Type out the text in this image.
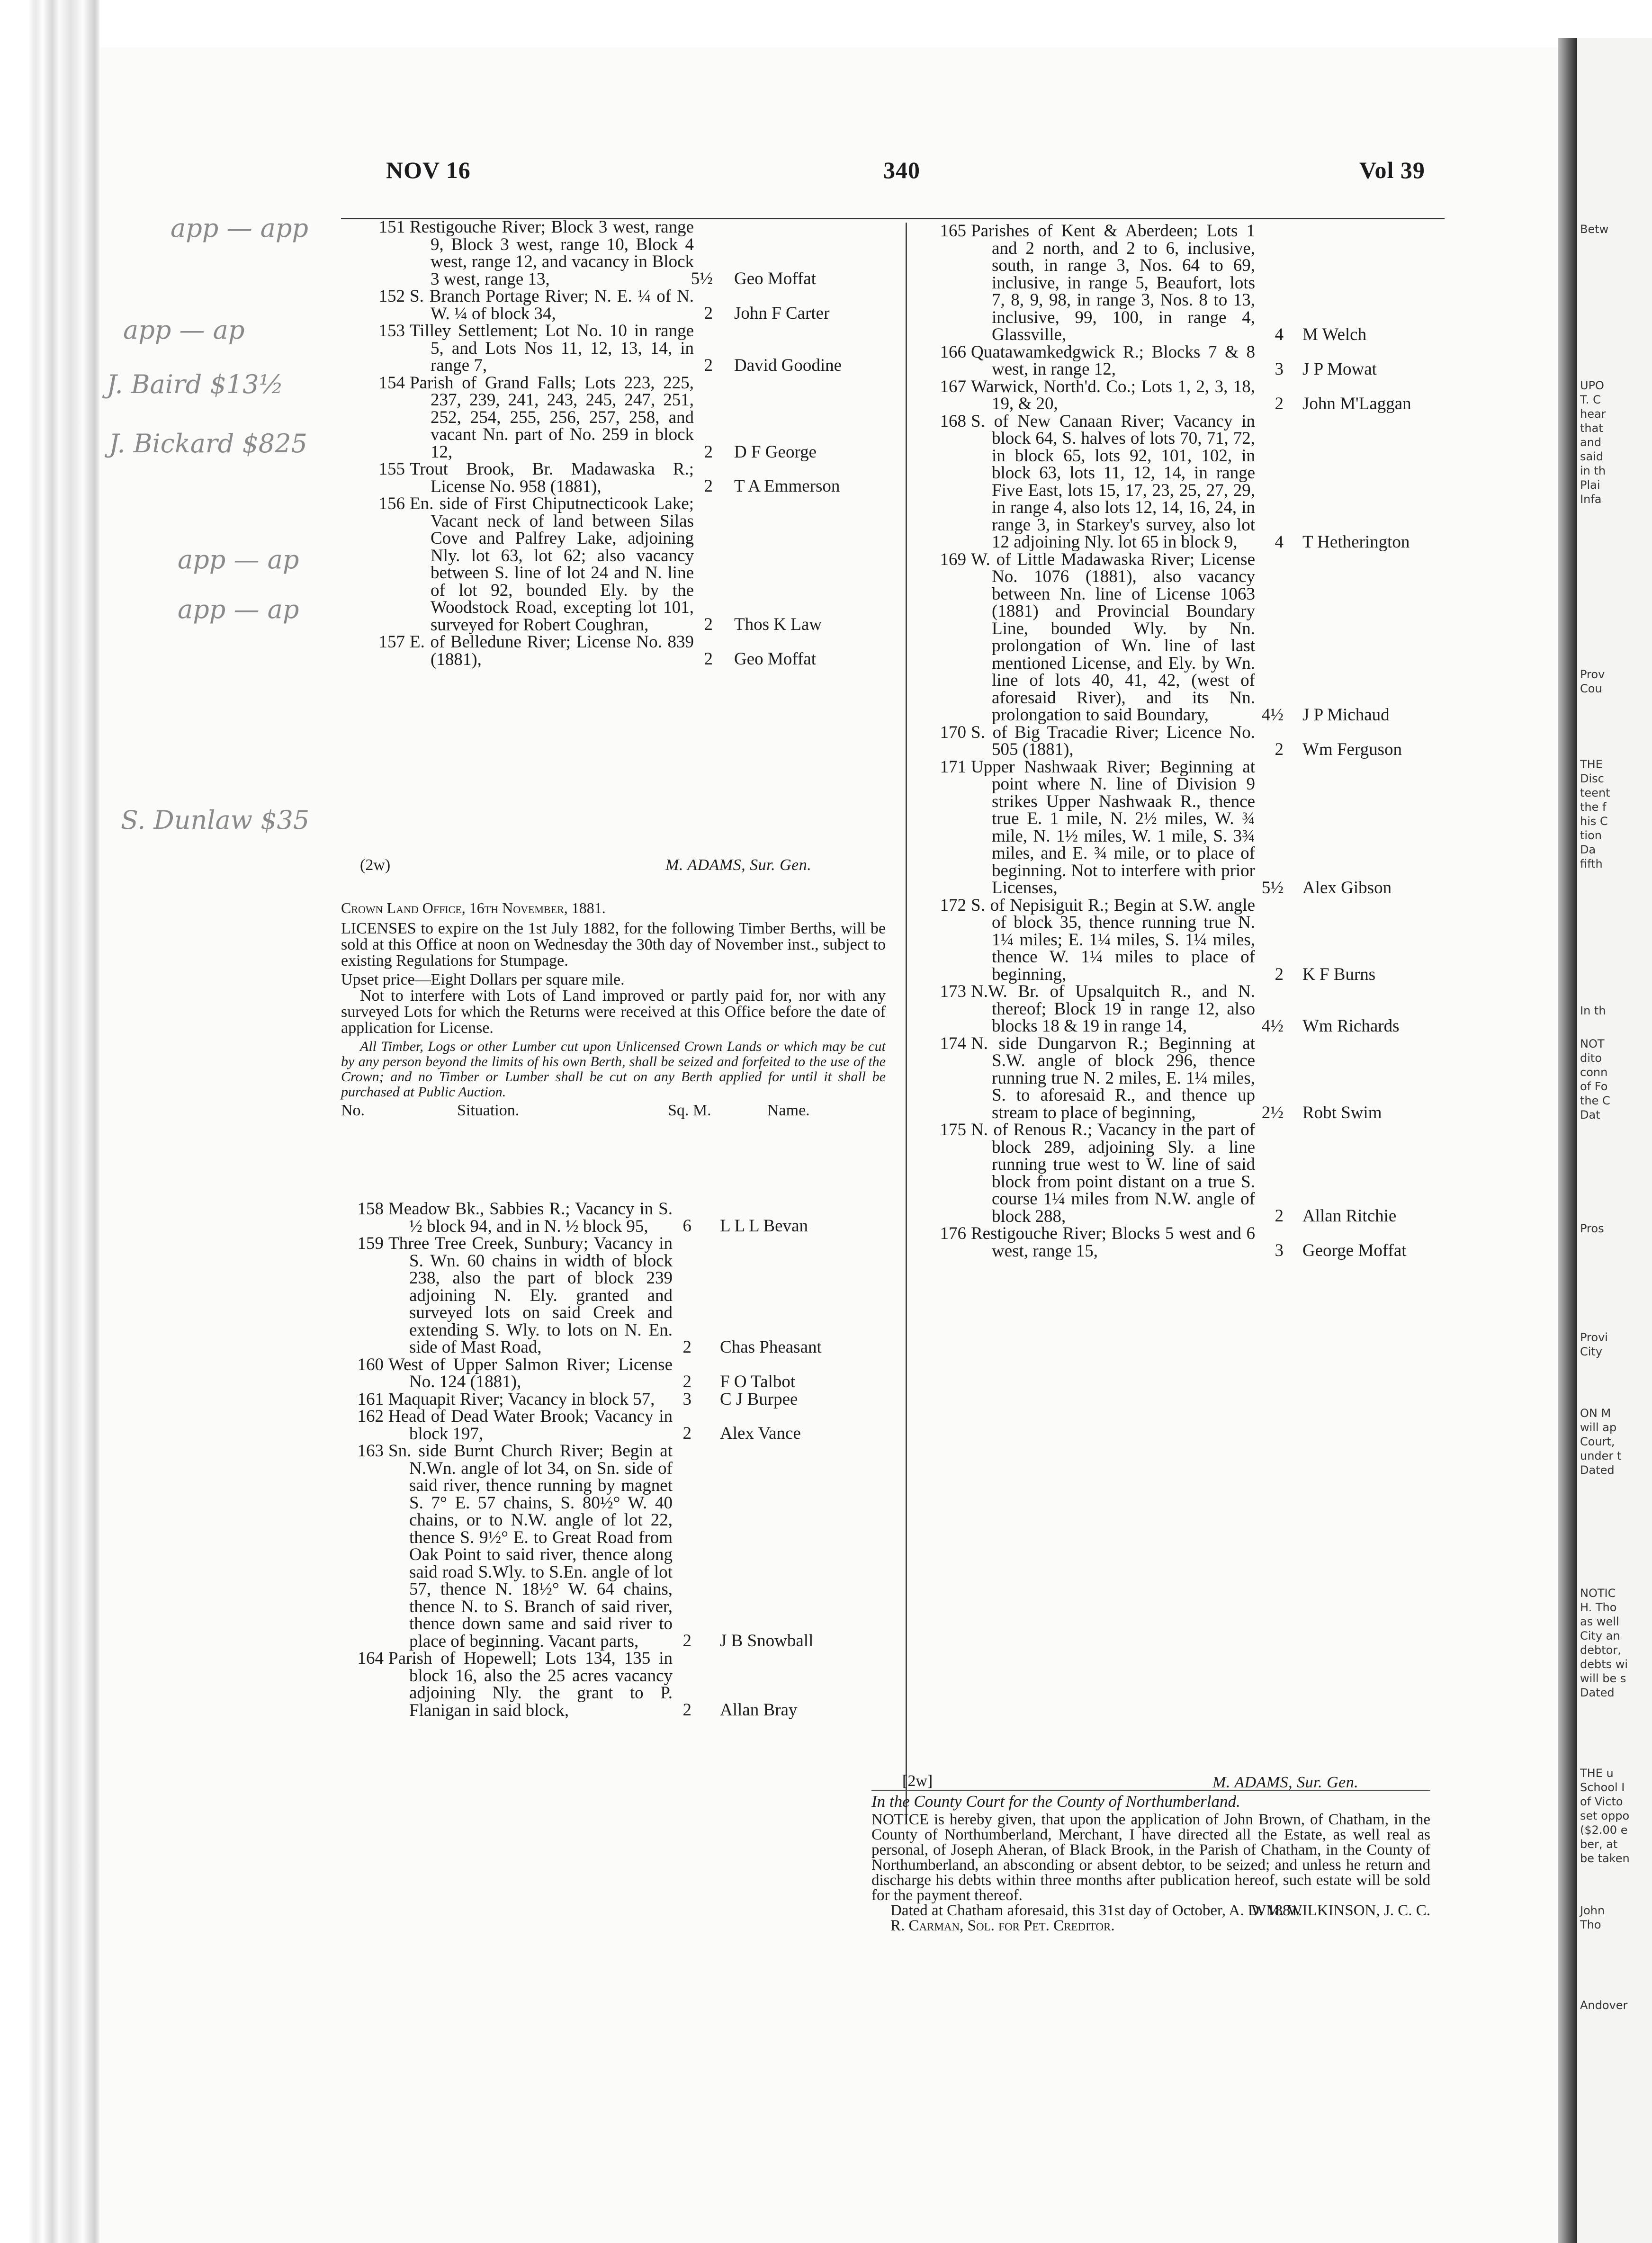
Betw
UPO
T. C
hear
that
and
said
in th
Plai
Infa
Prov
Cou
THE
Disc
teent
the f
his C
tion
Da
fifth
In th
NOT
dito
conn
of Fo
the C
Dat
Pros
Provi
City
ON M
will ap
Court,
under t
Dated
NOTIC
H. Tho
as well
City an
debtor,
debts wi
will be s
Dated
THE u
School I
of Victo
set oppo
($2.00 e
ber, at
be taken
John
Tho
Andover
NOV 16	340	Vol 39
app — app
app — ap
J. Baird $13½
J. Bickard $825
app — ap
app — ap
S. Dunlaw $35
151 Restigouche River; Block 3 west, range 9, Block 3 west, range 10, Block 4 west, range 12, and vacancy in Block 3 west, range 13,	5½ Geo Moffat
152 S. Branch Portage River; N. E. ¼ of N. W. ¼ of block 34,	2 John F Carter
153 Tilley Settlement; Lot No. 10 in range 5, and Lots Nos 11, 12, 13, 14, in range 7,	2 David Goodine
154 Parish of Grand Falls; Lots 223, 225, 237, 239, 241, 243, 245, 247, 251, 252, 254, 255, 256, 257, 258, and vacant Nn. part of No. 259 in block 12,	2 D F George
155 Trout Brook, Br. Madawaska R.; License No. 958 (1881),	2 T A Emmerson
156 En. side of First Chiputnecticook Lake; Vacant neck of land between Silas Cove and Palfrey Lake, adjoining Nly. lot 63, lot 62; also vacancy between S. line of lot 24 and N. line of lot 92, bounded Ely. by the Woodstock Road, excepting lot 101, surveyed for Robert Coughran,	2 Thos K Law
157 E. of Belledune River; License No. 839 (1881),	2 Geo Moffat
(2w)	M. ADAMS, Sur. Gen.

Crown Land Office, 16th November, 1881.

LICENSES to expire on the 1st July 1882, for the following Timber Berths, will be sold at this Office at noon on Wednesday the 30th day of November inst., subject to existing Regulations for Stumpage.

Upset price—Eight Dollars per square mile.

Not to interfere with Lots of Land improved or partly paid for, nor with any surveyed Lots for which the Returns were received at this Office before the date of application for License.

All Timber, Logs or other Lumber cut upon Unlicensed Crown Lands or which may be cut by any person beyond the limits of his own Berth, shall be seized and forfeited to the use of the Crown; and no Timber or Lumber shall be cut on any Berth applied for until it shall be purchased at Public Auction.

No.	Situation.	Sq. M.	Name.
158 Meadow Bk., Sabbies R.; Vacancy in S. ½ block 94, and in N. ½ block 95,	6 L L L Bevan
159 Three Tree Creek, Sunbury; Vacancy in S. Wn. 60 chains in width of block 238, also the part of block 239 adjoining N. Ely. granted and surveyed lots on said Creek and extending S. Wly. to lots on N. En. side of Mast Road,	2 Chas Pheasant
160 West of Upper Salmon River; License No. 124 (1881),	2 F O Talbot
161 Maquapit River; Vacancy in block 57,	3 C J Burpee
162 Head of Dead Water Brook; Vacancy in block 197,	2 Alex Vance
163 Sn. side Burnt Church River; Begin at N.Wn. angle of lot 34, on Sn. side of said river, thence running by magnet S. 7° E. 57 chains, S. 80½° W. 40 chains, or to N.W. angle of lot 22, thence S. 9½° E. to Great Road from Oak Point to said river, thence along said road S.Wly. to S.En. angle of lot 57, thence N. 18½° W. 64 chains, thence N. to S. Branch of said river, thence down same and said river to place of beginning. Vacant parts,	2 J B Snowball
164 Parish of Hopewell; Lots 134, 135 in block 16, also the 25 acres vacancy adjoining Nly. the grant to P. Flanigan in said block,	2 Allan Bray
165 Parishes of Kent & Aberdeen; Lots 1 and 2 north, and 2 to 6, inclusive, south, in range 3, Nos. 64 to 69, inclusive, in range 5, Beaufort, lots 7, 8, 9, 98, in range 3, Nos. 8 to 13, inclusive, 99, 100, in range 4, Glassville,	4 M Welch
166 Quatawamkedgwick R.; Blocks 7 & 8 west, in range 12,	3 J P Mowat
167 Warwick, North'd. Co.; Lots 1, 2, 3, 18, 19, & 20,	2 John M'Laggan
168 S. of New Canaan River; Vacancy in block 64, S. halves of lots 70, 71, 72, in block 65, lots 92, 101, 102, in block 63, lots 11, 12, 14, in range Five East, lots 15, 17, 23, 25, 27, 29, in range 4, also lots 12, 14, 16, 24, in range 3, in Starkey's survey, also lot 12 adjoining Nly. lot 65 in block 9,	4 T Hetherington
169 W. of Little Madawaska River; License No. 1076 (1881), also vacancy between Nn. line of License 1063 (1881) and Provincial Boundary Line, bounded Wly. by Nn. prolongation of Wn. line of last mentioned License, and Ely. by Wn. line of lots 40, 41, 42, (west of aforesaid River), and its Nn. prolongation to said Boundary,	4½ J P Michaud
170 S. of Big Tracadie River; Licence No. 505 (1881),	2 Wm Ferguson
171 Upper Nashwaak River; Beginning at point where N. line of Division 9 strikes Upper Nashwaak R., thence true E. 1 mile, N. 2½ miles, W. ¾ mile, N. 1½ miles, W. 1 mile, S. 3¾ miles, and E. ¾ mile, or to place of beginning. Not to interfere with prior Licenses,	5½ Alex Gibson
172 S. of Nepisiguit R.; Begin at S.W. angle of block 35, thence running true N. 1¼ miles; E. 1¼ miles, S. 1¼ miles, thence W. 1¼ miles to place of beginning,	2 K F Burns
173 N.W. Br. of Upsalquitch R., and N. thereof; Block 19 in range 12, also blocks 18 & 19 in range 14,	4½ Wm Richards
174 N. side Dungarvon R.; Beginning at S.W. angle of block 296, thence running true N. 2 miles, E. 1¼ miles, S. to aforesaid R., and thence up stream to place of beginning,	2½ Robt Swim
175 N. of Renous R.; Vacancy in the part of block 289, adjoining Sly. a line running true west to W. line of said block from point distant on a true S. course 1¼ miles from N.W. angle of block 288,	2 Allan Ritchie
176 Restigouche River; Blocks 5 west and 6 west, range 15,	3 George Moffat
[2w]	M. ADAMS, Sur. Gen.

In the County Court for the County of Northumberland.

NOTICE is hereby given, that upon the application of John Brown, of Chatham, in the County of Northumberland, Merchant, I have directed all the Estate, as well real as personal, of Joseph Aheran, of Black Brook, in the Parish of Chatham, in the County of Northumberland, an absconding or absent debtor, to be seized; and unless he return and discharge his debts within three months after publication hereof, such estate will be sold for the payment thereof.

Dated at Chatham aforesaid, this 31st day of October, A. D. 1881.

WM. WILKINSON, J. C. C.

R. Carman, Sol. for Pet. Creditor.
